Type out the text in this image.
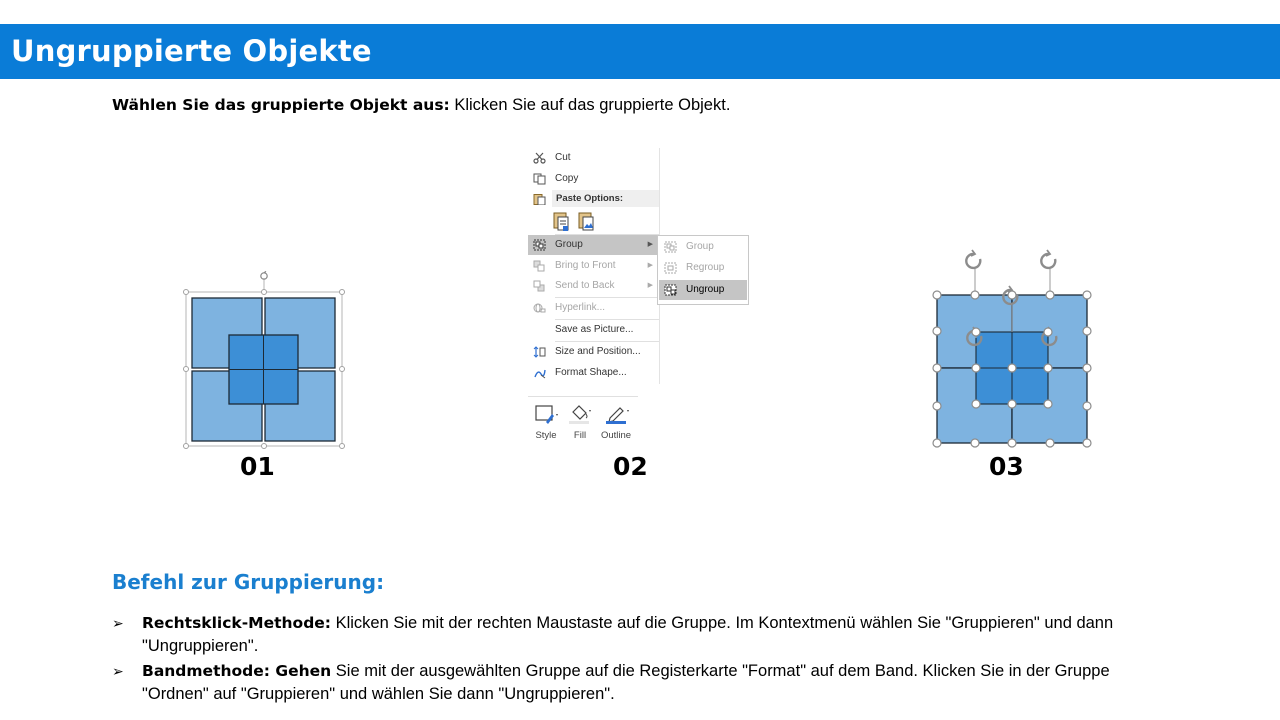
Ungruppierte Objekte
Wählen Sie das gruppierte Objekt aus: Klicken Sie auf das gruppierte Objekt.
01
Cut
Copy
Paste Options:
Group	▶
Bring to Front	▶
Send to Back	▶
Hyperlink...
Save as Picture...
Size and Position...
Format Shape...
Group
Regroup
Ungroup
Style	Fill	Outline
02	03
Befehl zur Gruppierung:
➢ Rechtsklick-Methode: Klicken Sie mit der rechten Maustaste auf die Gruppe. Im Kontextmenü wählen Sie "Gruppieren" und dann "Ungruppieren".
➢ Bandmethode: Gehen Sie mit der ausgewählten Gruppe auf die Registerkarte "Format" auf dem Band. Klicken Sie in der Gruppe "Ordnen" auf "Gruppieren" und wählen Sie dann "Ungruppieren".
